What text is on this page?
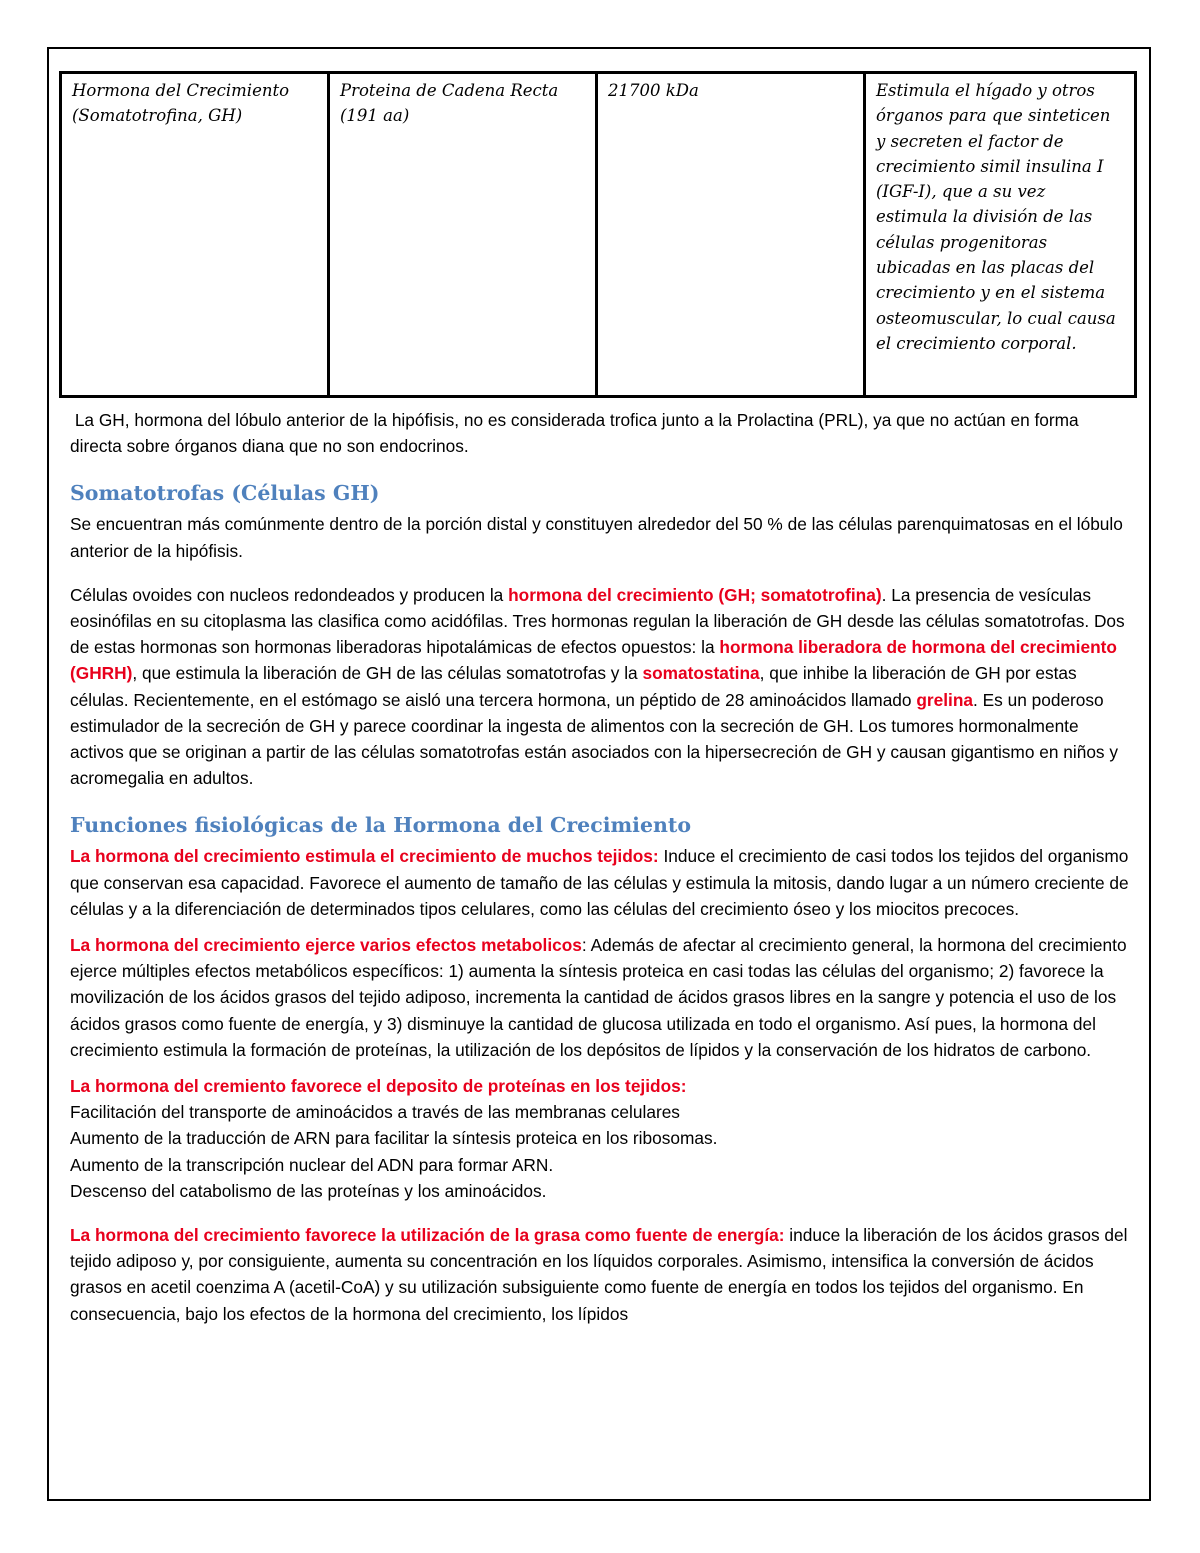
Hormona del Crecimiento (Somatotrofina, GH)	Proteina de Cadena Recta (191 aa)	21700 kDa	Estimula el hígado y otros órganos para que sinteticen y secreten el factor de crecimiento simil insulina I (IGF-I), que a su vez estimula la división de las células progenitoras ubicadas en las placas del crecimiento y en el sistema osteomuscular, lo cual causa el crecimiento corporal.

La GH, hormona del lóbulo anterior de la hipófisis, no es considerada trofica junto a la Prolactina (PRL), ya que no actúan en forma directa sobre órganos diana que no son endocrinos.

Somatotrofas (Células GH)

Se encuentran más comúnmente dentro de la porción distal y constituyen alrededor del 50 % de las células parenquimatosas en el lóbulo anterior de la hipófisis.

Células ovoides con nucleos redondeados y producen la hormona del crecimiento (GH; somatotrofina). La presencia de vesículas eosinófilas en su citoplasma las clasifica como acidófilas. Tres hormonas regulan la liberación de GH desde las células somatotrofas. Dos de estas hormonas son hormonas liberadoras hipotalámicas de efectos opuestos: la hormona liberadora de hormona del crecimiento (GHRH), que estimula la liberación de GH de las células somatotrofas y la somatostatina, que inhibe la liberación de GH por estas células. Recientemente, en el estómago se aisló una tercera hormona, un péptido de 28 aminoácidos llamado grelina. Es un poderoso estimulador de la secreción de GH y parece coordinar la ingesta de alimentos con la secreción de GH. Los tumores hormonalmente activos que se originan a partir de las células somatotrofas están asociados con la hipersecreción de GH y causan gigantismo en niños y acromegalia en adultos.

Funciones fisiológicas de la Hormona del Crecimiento

La hormona del crecimiento estimula el crecimiento de muchos tejidos: Induce el crecimiento de casi todos los tejidos del organismo que conservan esa capacidad. Favorece el aumento de tamaño de las células y estimula la mitosis, dando lugar a un número creciente de células y a la diferenciación de determinados tipos celulares, como las células del crecimiento óseo y los miocitos precoces.

La hormona del crecimiento ejerce varios efectos metabolicos: Además de afectar al crecimiento general, la hormona del crecimiento ejerce múltiples efectos metabólicos específicos: 1) aumenta la síntesis proteica en casi todas las células del organismo; 2) favorece la movilización de los ácidos grasos del tejido adiposo, incrementa la cantidad de ácidos grasos libres en la sangre y potencia el uso de los ácidos grasos como fuente de energía, y 3) disminuye la cantidad de glucosa utilizada en todo el organismo. Así pues, la hormona del crecimiento estimula la formación de proteínas, la utilización de los depósitos de lípidos y la conservación de los hidratos de carbono.

La hormona del cremiento favorece el deposito de proteínas en los tejidos:

Facilitación del transporte de aminoácidos a través de las membranas celulares

Aumento de la traducción de ARN para facilitar la síntesis proteica en los ribosomas.

Aumento de la transcripción nuclear del ADN para formar ARN.

Descenso del catabolismo de las proteínas y los aminoácidos.

La hormona del crecimiento favorece la utilización de la grasa como fuente de energía: induce la liberación de los ácidos grasos del tejido adiposo y, por consiguiente, aumenta su concentración en los líquidos corporales. Asimismo, intensifica la conversión de ácidos grasos en acetil coenzima A (acetil-CoA) y su utilización subsiguiente como fuente de energía en todos los tejidos del organismo. En consecuencia, bajo los efectos de la hormona del crecimiento, los lípidos
